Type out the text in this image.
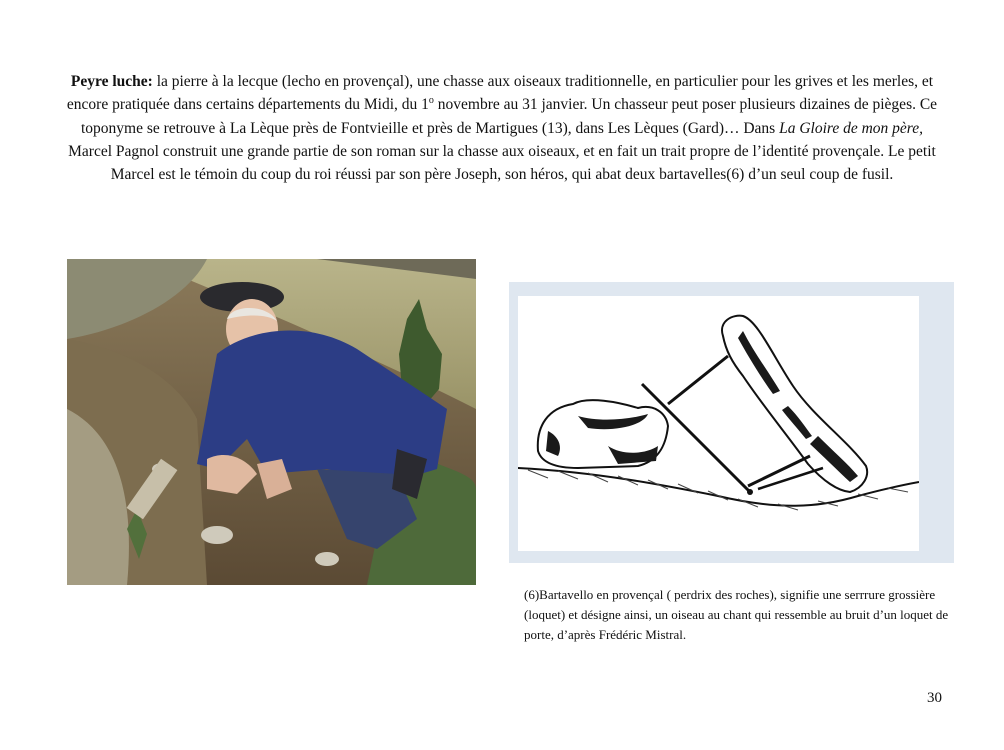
Peyre luche: la pierre à la lecque (lecho en provençal), une chasse aux oiseaux traditionnelle, en particulier pour les grives et les merles, et encore pratiquée dans certains départements du Midi, du 1$^o$ novembre au 31 janvier. Un chasseur peut poser plusieurs dizaines de pièges. Ce toponyme se retrouve à La Lèque près de Fontvieille et près de Martigues (13), dans Les Lèques (Gard)… Dans La Gloire de mon père, Marcel Pagnol construit une grande partie de son roman sur la chasse aux oiseaux, et en fait un trait propre de l’identité provençale. Le petit Marcel est le témoin du coup du roi réussi par son père Joseph, son héros, qui abat deux bartavelles(6) d’un seul coup de fusil.

(6)Bartavello en provençal ( perdrix des roches), signifie une serrrure grossière (loquet) et désigne ainsi, un oiseau au chant qui ressemble au bruit d’un loquet de porte, d’après Frédéric Mistral.

30
